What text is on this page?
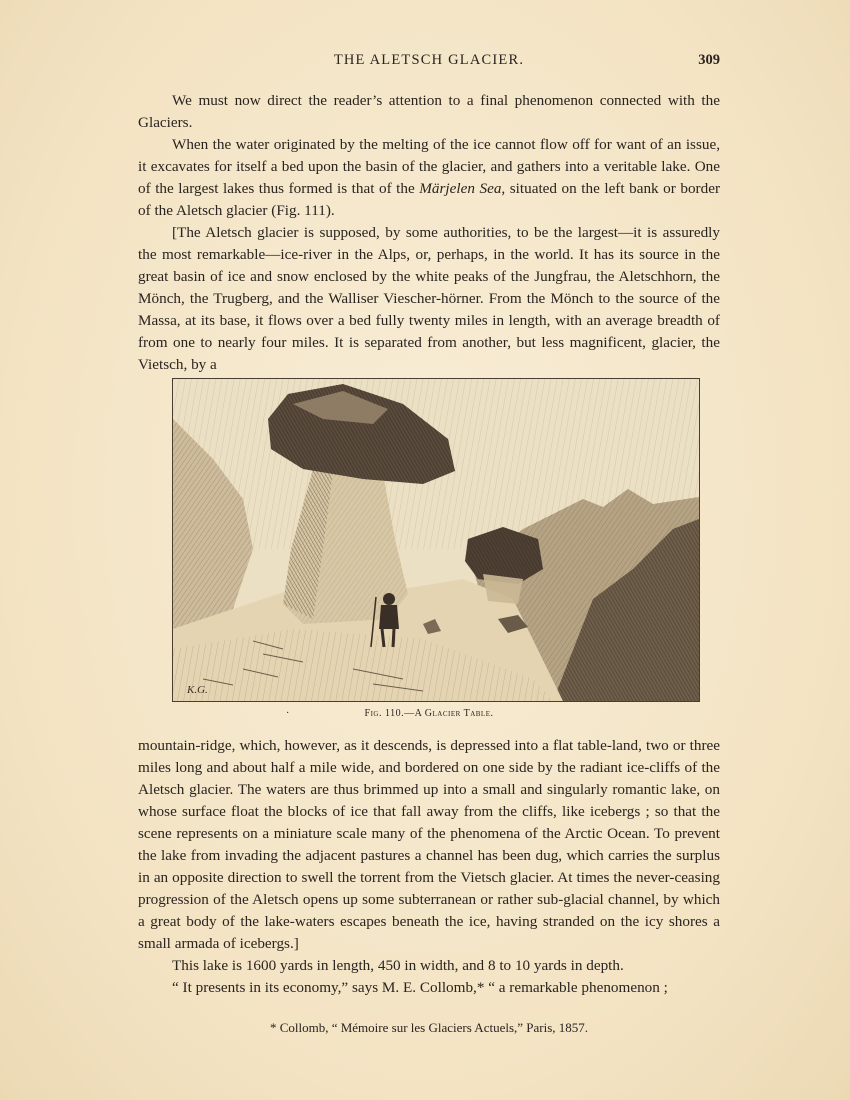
THE ALETSCH GLACIER.	309

We must now direct the reader’s attention to a final phenomenon connected with the Glaciers.

When the water originated by the melting of the ice cannot flow off for want of an issue, it excavates for itself a bed upon the basin of the glacier, and gathers into a veritable lake. One of the largest lakes thus formed is that of the Märjelen Sea, situated on the left bank or border of the Aletsch glacier (Fig. 111).

[The Aletsch glacier is supposed, by some authorities, to be the largest—it is assuredly the most remarkable—ice-river in the Alps, or, perhaps, in the world. It has its source in the great basin of ice and snow enclosed by the white peaks of the Jungfrau, the Aletschhorn, the Mönch, the Trugberg, and the Walliser Viescher-hörner. From the Mönch to the source of the Massa, at its base, it flows over a bed fully twenty miles in length, with an average breadth of from one to nearly four miles. It is separated from another, but less magnificent, glacier, the Vietsch, by a

K.G.
·	Fig. 110.—A Glacier Table.

mountain-ridge, which, however, as it descends, is depressed into a flat table-land, two or three miles long and about half a mile wide, and bordered on one side by the radiant ice-cliffs of the Aletsch glacier. The waters are thus brimmed up into a small and singularly romantic lake, on whose surface float the blocks of ice that fall away from the cliffs, like icebergs ; so that the scene represents on a miniature scale many of the phenomena of the Arctic Ocean. To prevent the lake from invading the adjacent pastures a channel has been dug, which carries the surplus in an opposite direction to swell the torrent from the Vietsch glacier. At times the never-ceasing progression of the Aletsch opens up some subterranean or rather sub-glacial channel, by which a great body of the lake-waters escapes beneath the ice, having stranded on the icy shores a small armada of icebergs.]

This lake is 1600 yards in length, 450 in width, and 8 to 10 yards in depth.

“ It presents in its economy,” says M. E. Collomb,* “ a remarkable phenomenon ;

* Collomb, “ Mémoire sur les Glaciers Actuels,” Paris, 1857.
